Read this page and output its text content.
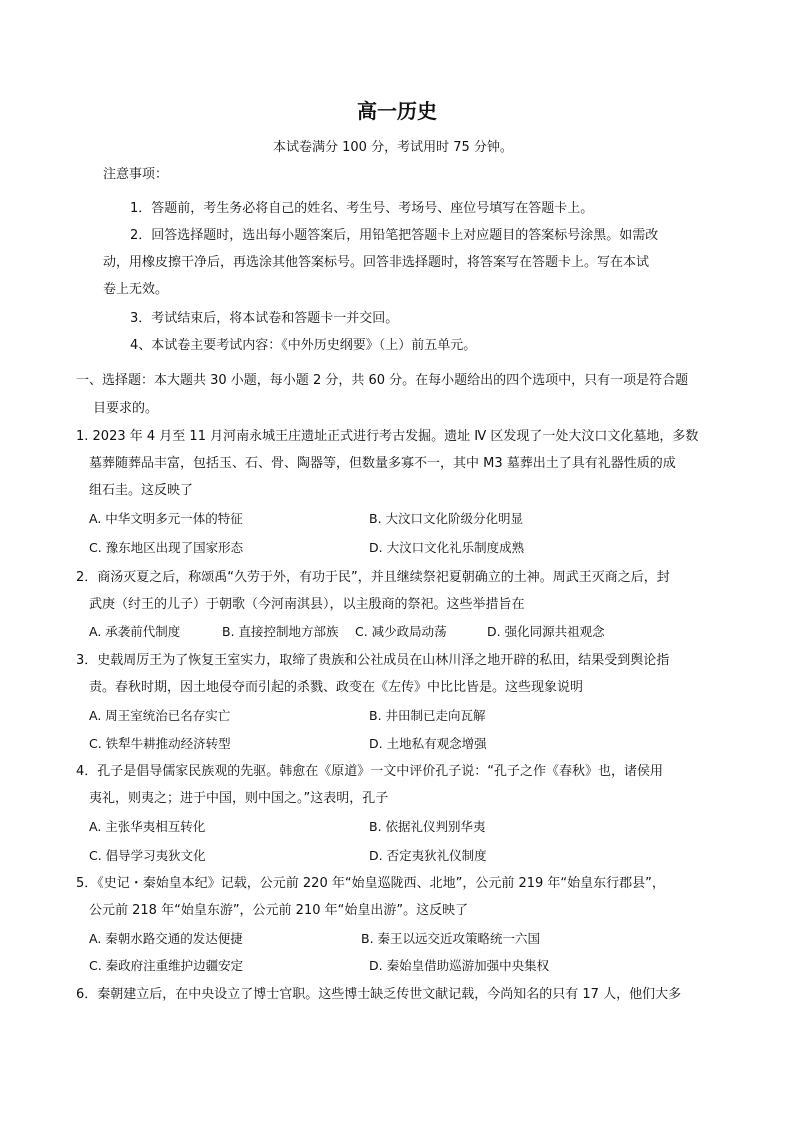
高一历史
本试卷满分 100 分，考试用时 75 分钟。
注意事项：
1．答题前，考生务必将自己的姓名、考生号、考场号、座位号填写在答题卡上。
2．回答选择题时，选出每小题答案后，用铅笔把答题卡上对应题目的答案标号涂黑。如需改
动，用橡皮擦干净后，再选涂其他答案标号。回答非选择题时，将答案写在答题卡上。写在本试
卷上无效。
3．考试结束后，将本试卷和答题卡一并交回。
4、本试卷主要考试内容：《中外历史纲要》（上）前五单元。
一、选择题：本大题共 30 小题，每小题 2 分，共 60 分。在每小题给出的四个选项中，只有一项是符合题
目要求的。
1. 2023 年 4 月至 11 月河南永城王庄遗址正式进行考古发掘。遗址 Ⅳ 区发现了一处大汶口文化墓地，多数
墓葬随葬品丰富，包括玉、石、骨、陶器等，但数量多寡不一，其中 M3 墓葬出土了具有礼器性质的成
组石圭。这反映了
A. 中华文明多元一体的特征	B. 大汶口文化阶级分化明显
C. 豫东地区出现了国家形态	D. 大汶口文化礼乐制度成熟
2．商汤灭夏之后，称颂禹“久劳于外，有功于民”，并且继续祭祀夏朝确立的土神。周武王灭商之后，封
武庚（纣王的儿子）于朝歌（今河南淇县），以主殷商的祭祀。这些举措旨在
A. 承袭前代制度	B. 直接控制地方部族 C. 减少政局动荡	D. 强化同源共祖观念
3．史载周厉王为了恢复王室实力，取缔了贵族和公社成员在山林川泽之地开辟的私田，结果受到舆论指
责。春秋时期，因土地侵夺而引起的杀戮、政变在《左传》中比比皆是。这些现象说明
A. 周王室统治已名存实亡	B. 井田制已走向瓦解
C. 铁犁牛耕推动经济转型	D. 土地私有观念增强
4．孔子是倡导儒家民族观的先驱。韩愈在《原道》一文中评价孔子说：“孔子之作《春秋》也，诸侯用
夷礼，则夷之；进于中国，则中国之。”这表明，孔子
A. 主张华夷相互转化	B. 依据礼仪判别华夷
C. 倡导学习夷狄文化	D. 否定夷狄礼仪制度
5．《史记・秦始皇本纪》记载，公元前 220 年“始皇巡陇西、北地”，公元前 219 年“始皇东行郡县”，
公元前 218 年“始皇东游”，公元前 210 年“始皇出游”。这反映了
A. 秦朝水路交通的发达便捷	B. 秦王以远交近攻策略统一六国
C. 秦政府注重维护边疆安定	D. 秦始皇借助巡游加强中央集权
6．秦朝建立后，在中央设立了博士官职。这些博士缺乏传世文献记载，今尚知名的只有 17 人，他们大多
